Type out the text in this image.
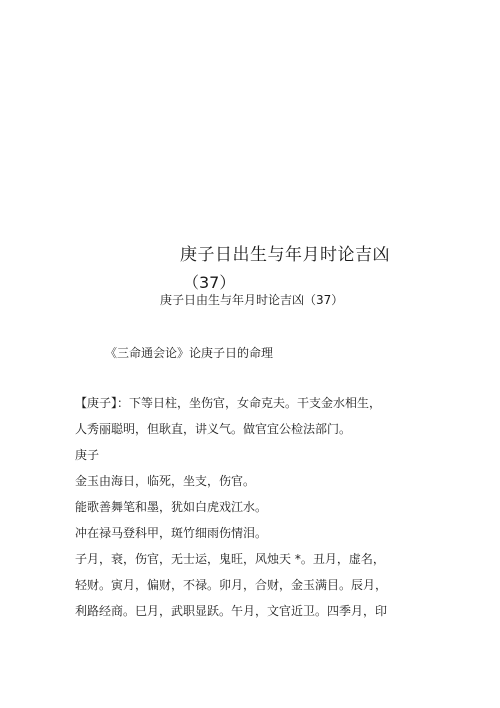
庚子日出生与年月时论吉凶
（37）
庚子日由生与年月时论吉凶（37）
《三命通会论》论庚子日的命理
【庚子】：下等日柱，坐伤官，女命克夫。干支金水相生，
人秀丽聪明，但耿直，讲义气。做官宜公检法部门。
庚子
金玉由海日，临死，坐支，伤官。
能歌善舞笔和墨，犹如白虎戏江水。
冲在禄马登科甲，斑竹细雨伤情泪。
子月，衰，伤官，无士运，鬼旺，风烛天 *。丑月，虚名，
轻财。寅月，偏财，不禄。卯月，合财，金玉满目。辰月，
利路经商。巳月，武职显跃。午月，文官近卫。四季月，印
